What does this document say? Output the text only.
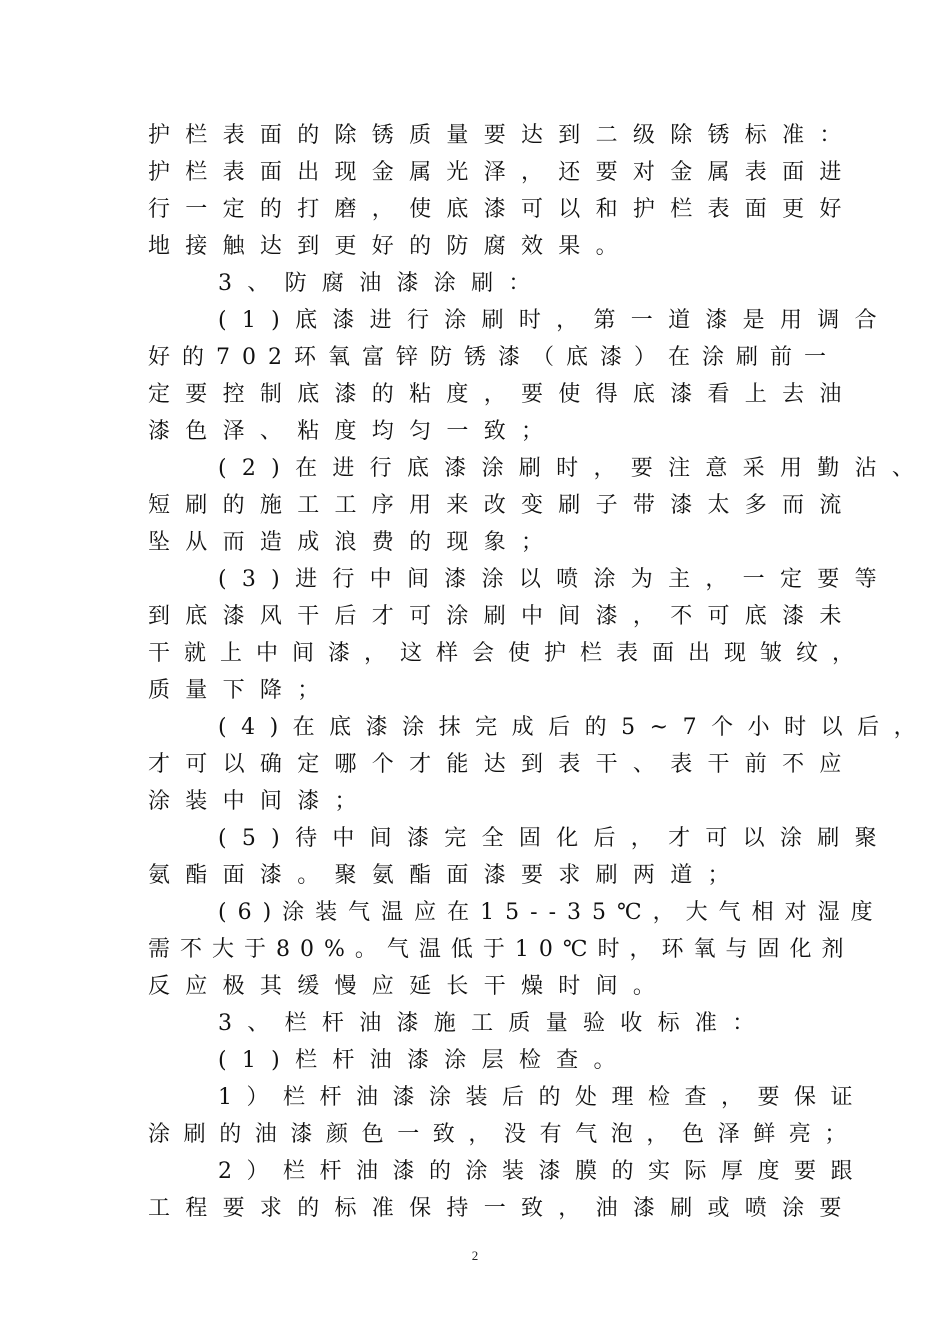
护栏表面的除锈质量要达到二级除锈标准：
护栏表面出现金属光泽，还要对金属表面进
行一定的打磨，使底漆可以和护栏表面更好
地接触达到更好的防腐效果。
3、防腐油漆涂刷：
(1)底漆进行涂刷时，第一道漆是用调合
好的702环氧富锌防锈漆（底漆）在涂刷前一
定要控制底漆的粘度，要使得底漆看上去油
漆色泽、粘度均匀一致；
(2)在进行底漆涂刷时，要注意采用勤沾、
短刷的施工工序用来改变刷子带漆太多而流
坠从而造成浪费的现象；
(3)进行中间漆涂以喷涂为主，一定要等
到底漆风干后才可涂刷中间漆，不可底漆未
干就上中间漆，这样会使护栏表面出现皱纹，
质量下降；
(4)在底漆涂抹完成后的5~7个小时以后，
才可以确定哪个才能达到表干、表干前不应
涂装中间漆；
(5)待中间漆完全固化后，才可以涂刷聚
氨酯面漆。聚氨酯面漆要求刷两道；
(6)涂装气温应在15--35℃，大气相对湿度
需不大于80%。气温低于10℃时，环氧与固化剂
反应极其缓慢应延长干燥时间。
3、栏杆油漆施工质量验收标准：
(1)栏杆油漆涂层检查。
1）栏杆油漆涂装后的处理检查，要保证
涂刷的油漆颜色一致，没有气泡，色泽鲜亮；
2）栏杆油漆的涂装漆膜的实际厚度要跟
工程要求的标准保持一致，油漆刷或喷涂要
2
